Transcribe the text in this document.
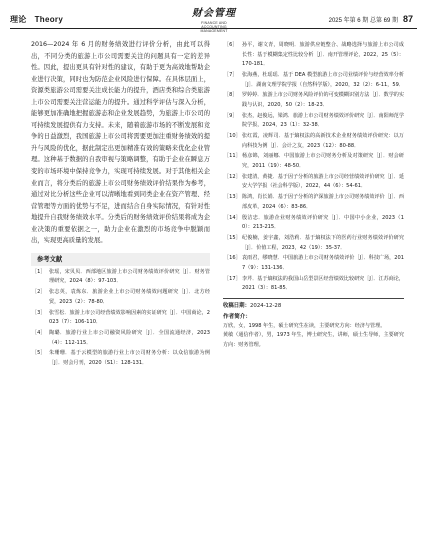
理论 Theory
财会管理
FINANCE AND ACCOUNTING MANAGEMENT
2025 年第 6 期 总第 69 期 87

2016—2024 年 6 月的财务绩效进行评价分析，由此可以得出，不同分类的旅游上市公司需要关注的问题具有一定的差异性。因此，提出更具有针对性的建议，有助于更为高效地帮助企业进行决策，同时也为防范企业风险进行保障。在具体层面上，资源类旅游公司需要关注成长能力的提升，酒店类和综合类旅游上市公司需要关注营运能力的提升。通过科学评估与深入分析，能够更加准确地把握旅游态和企业发展趋势，为旅游上市公司的可持续发展提供有力支持。未来，随着旅游市场的不断发展和竞争的日益激烈，我国旅游上市公司将需要更加注重财务绩效的提升与风险的优化，据此制定出更加精准有效的策略来优化企业管理。这种基于数据的自我审视与策略调整，有助于企业在瞬息万变的市场环境中保持竞争力，实现可持续发展。对于其他相关企业而言，将分类后的旅游上市公司财务绩效评价结果作为参考，通过对比分析这些企业可以清晰地看到同类企业在资产管理、经营管理等方面的优势与不足，进而结合自身实际情况，有针对性地提升自我财务绩效水平。分类后的财务绩效评价结果将成为企业决策的重要依据之一，助力企业在激烈的市场竞争中脱颖而出，实现更高质量的发展。

参考文献
［1］ 张瑶，宋贝贝．西部地区旅游上市公司财务绩效评价研究［J］．财务管理研究，2024（8）：97-103．
［2］ 张志英，袁炼东．旅游企业上市公司财务绩效问题研究［J］．北方经贸，2023（2）：78-80．
［3］ 张雪松．旅游上市公司经营绩效影响因素的实证研究［J］．中国商论，2023（7）：106-110．
［4］ 陶璐．旅游行业上市公司融资风险研究［J］．全国流通经济，2023（4）：112-115．
［5］ 朱珊珊．基于云模型的旅游行业上市公司财务分析：以众信旅游为例［J］．财会月刊，2020（S1）：128-131．
［6］ 孙平，谢文青，周晓明．旅游供应链整合、战略选择与旅游上市公司成长性：基于模糊集定性比较分析［J］．南开管理评论，2022，25（5）：170-181．
［7］ 张海燕，杜瑶瑶．基于 DEA 模型旅游上市公司业绩评价与经营效率分析［J］．湖南文理学院学报（自然科学版），2020，32（2）：6-11，59．
［8］ 罗婷婷．旅游上市公司财务风险评价的可变模糊识别方法［J］．数学的实践与认识，2020，50（2）：18-23．
［9］ 张杰，赵俊远，梁鸿．旅游上市公司财务绩效评价研究［J］．南阳师范学院学报，2024，23（1）：32-38．
［10］ 张红霞，凌辉司．基于熵权法的高新技术企业财务绩效评价研究：以万向科技为例［J］．会计之友，2023（12）：80-88．
［11］ 杨彦锦，刘丽娜．中国旅游上市公司财务分析及对策研究［J］．财会研究，2011（19）：48-50．
［12］ 张建清，黄捷．基于因子分析的旅游上市公司经营绩效评价研究［J］．延安大学学报（社会科学版），2022，44（6）：54-61．
［13］ 陈鸿，肖长娟．基于因子分析的沪深旅游上市公司财务绩效评价［J］．西部皮革，2024（6）：83-86．
［14］ 殷洁忠．旅游企业财务绩效评价研究［J］．中国中小企业，2023（10）：213-215．
［15］ 纪俊楠，姜宇鑫，刘浩莉．基于熵权法下的医药行业财务绩效评价研究［J］．价值工程，2023，42（19）：35-37．
［16］ 袁雨君，缪晓慧．中国旅游上市公司财务绩效评价［J］．科技广场，2017（9）：131-136．
［17］ 李芹．基于熵权法的我国山岳型景区经营绩效比较研究［J］．江苏商论，2021（3）：81-85．
收稿日期：2024-12-28
作者简介：
万欣，女，1998 年生，硕士研究生在读，主要研究方向：经济与管理。
黄敏（通信作者），男，1973 年生，博士研究生，讲师，硕士生导师，主要研究方向：财务管理。
